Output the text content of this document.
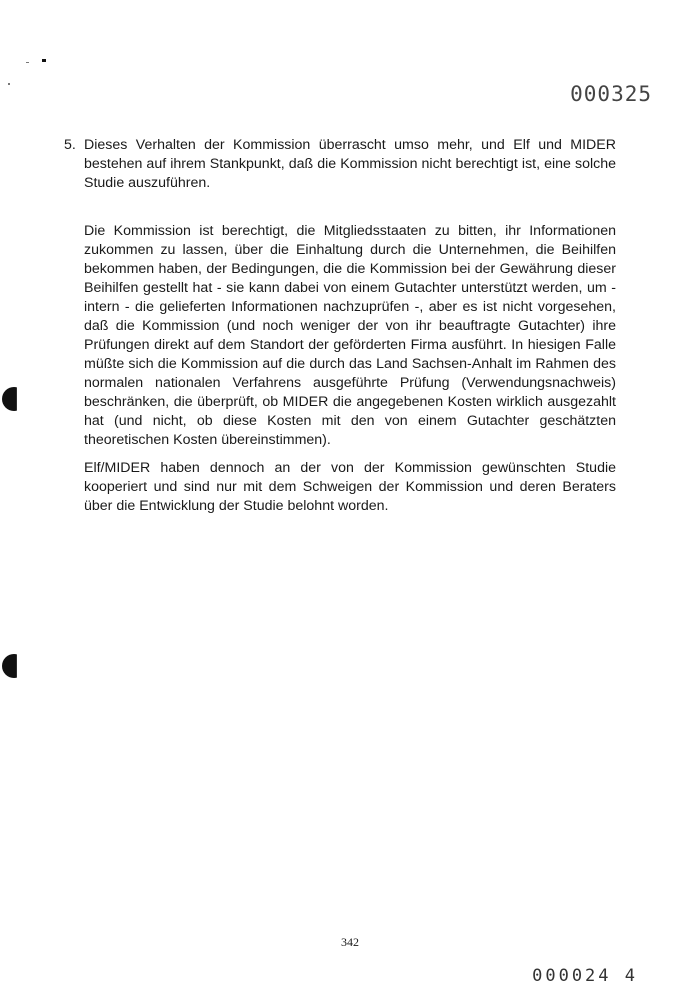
000325
5. Dieses Verhalten der Kommission überrascht umso mehr, und Elf und MIDER bestehen auf ihrem Stankpunkt, daß die Kommission nicht berechtigt ist, eine solche Studie auszuführen.

Die Kommission ist berechtigt, die Mitgliedsstaaten zu bitten, ihr Informationen zukommen zu lassen, über die Einhaltung durch die Unternehmen, die Beihilfen bekommen haben, der Bedingungen, die die Kommission bei der Gewährung dieser Beihilfen gestellt hat - sie kann dabei von einem Gutachter unterstützt werden, um - intern - die gelieferten Informationen nachzuprüfen -, aber es ist nicht vorgesehen, daß die Kommission (und noch weniger der von ihr beauftragte Gutachter) ihre Prüfungen direkt auf dem Standort der geförderten Firma ausführt. In hiesigen Falle müßte sich die Kommission auf die durch das Land Sachsen-Anhalt im Rahmen des normalen nationalen Verfahrens ausgeführte Prüfung (Verwendungsnachweis) beschränken, die überprüft, ob MIDER die angegebenen Kosten wirklich ausgezahlt hat (und nicht, ob diese Kosten mit den von einem Gutachter geschätzten theoretischen Kosten übereinstimmen).

Elf/MIDER haben dennoch an der von der Kommission gewünschten Studie kooperiert und sind nur mit dem Schweigen der Kommission und deren Beraters über die Entwicklung der Studie belohnt worden.

342
000024 4
